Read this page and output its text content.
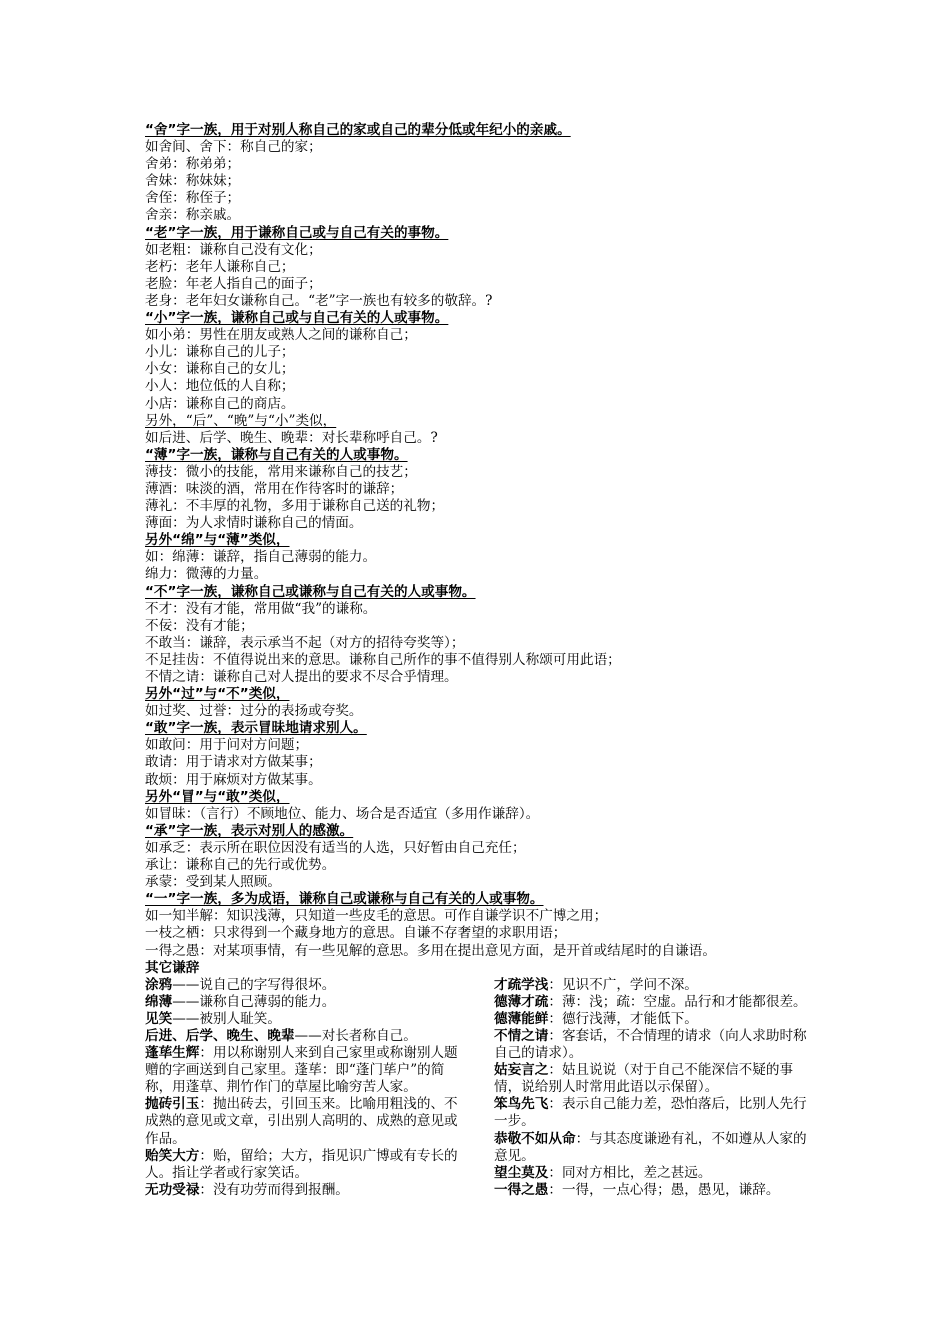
“舍”字一族，用于对别人称自己的家或自己的辈分低或年纪小的亲戚。
如舍间、舍下：称自己的家；
舍弟：称弟弟；
舍妹：称妹妹；
舍侄：称侄子；
舍亲：称亲戚。
“老”字一族，用于谦称自己或与自己有关的事物。
如老粗：谦称自己没有文化；
老朽：老年人谦称自己；
老脸：年老人指自己的面子；
老身：老年妇女谦称自己。“老”字一族也有较多的敬辞。?
“小”字一族，谦称自己或与自己有关的人或事物。
如小弟：男性在朋友或熟人之间的谦称自己；
小儿：谦称自己的儿子；
小女：谦称自己的女儿；
小人：地位低的人自称；
小店：谦称自己的商店。
另外，“后”、“晚”与“小”类似，
如后进、后学、晚生、晚辈：对长辈称呼自己。?
“薄”字一族，谦称与自己有关的人或事物。
薄技：微小的技能，常用来谦称自己的技艺；
薄酒：味淡的酒，常用在作待客时的谦辞；
薄礼：不丰厚的礼物，多用于谦称自己送的礼物；
薄面：为人求情时谦称自己的情面。
另外“绵”与“薄”类似，
如：绵薄：谦辞，指自己薄弱的能力。
绵力：微薄的力量。
“不”字一族，谦称自己或谦称与自己有关的人或事物。
不才：没有才能，常用做“我”的谦称。
不佞：没有才能；
不敢当：谦辞，表示承当不起（对方的招待夸奖等）；
不足挂齿：不值得说出来的意思。谦称自己所作的事不值得别人称颂可用此语；
不情之请：谦称自己对人提出的要求不尽合乎情理。
另外“过”与“不”类似，
如过奖、过誉：过分的表扬或夸奖。
“敢”字一族，表示冒昧地请求别人。
如敢问：用于问对方问题；
敢请：用于请求对方做某事；
敢烦：用于麻烦对方做某事。
另外“冒”与“敢”类似，
如冒昧：（言行）不顾地位、能力、场合是否适宜（多用作谦辞）。
“承”字一族，表示对别人的感激。
如承乏：表示所在职位因没有适当的人选，只好暂由自己充任；
承让：谦称自己的先行或优势。
承蒙：受到某人照顾。
“一”字一族，多为成语，谦称自己或谦称与自己有关的人或事物。
如一知半解：知识浅薄，只知道一些皮毛的意思。可作自谦学识不广博之用；
一枝之栖：只求得到一个藏身地方的意思。自谦不存奢望的求职用语；
一得之愚：对某项事情，有一些见解的意思。多用在提出意见方面，是开首或结尾时的自谦语。
其它谦辞
涂鸦——说自己的字写得很坏。
绵薄——谦称自己薄弱的能力。
见笑——被别人耻笑。
后进、后学、晚生、晚辈——对长者称自己。
蓬荜生辉：用以称谢别人来到自己家里或称谢别人题赠的字画送到自己家里。蓬荜：即“蓬门荜户”的简称，用蓬草、荆竹作门的草屋比喻穷苦人家。
抛砖引玉：抛出砖去，引回玉来。比喻用粗浅的、不成熟的意见或文章，引出别人高明的、成熟的意见或作品。
贻笑大方：贻，留给；大方，指见识广博或有专长的人。指让学者或行家笑话。
无功受禄：没有功劳而得到报酬。
才疏学浅：见识不广，学问不深。
德薄才疏：薄：浅；疏：空虚。品行和才能都很差。
德薄能鲜：德行浅薄，才能低下。
不情之请：客套话，不合情理的请求（向人求助时称自己的请求）。
姑妄言之：姑且说说（对于自己不能深信不疑的事情，说给别人时常用此语以示保留）。
笨鸟先飞：表示自己能力差，恐怕落后，比别人先行一步。
恭敬不如从命：与其态度谦逊有礼，不如遵从人家的意见。
望尘莫及：同对方相比，差之甚远。
一得之愚：一得，一点心得；愚，愚见，谦辞。
